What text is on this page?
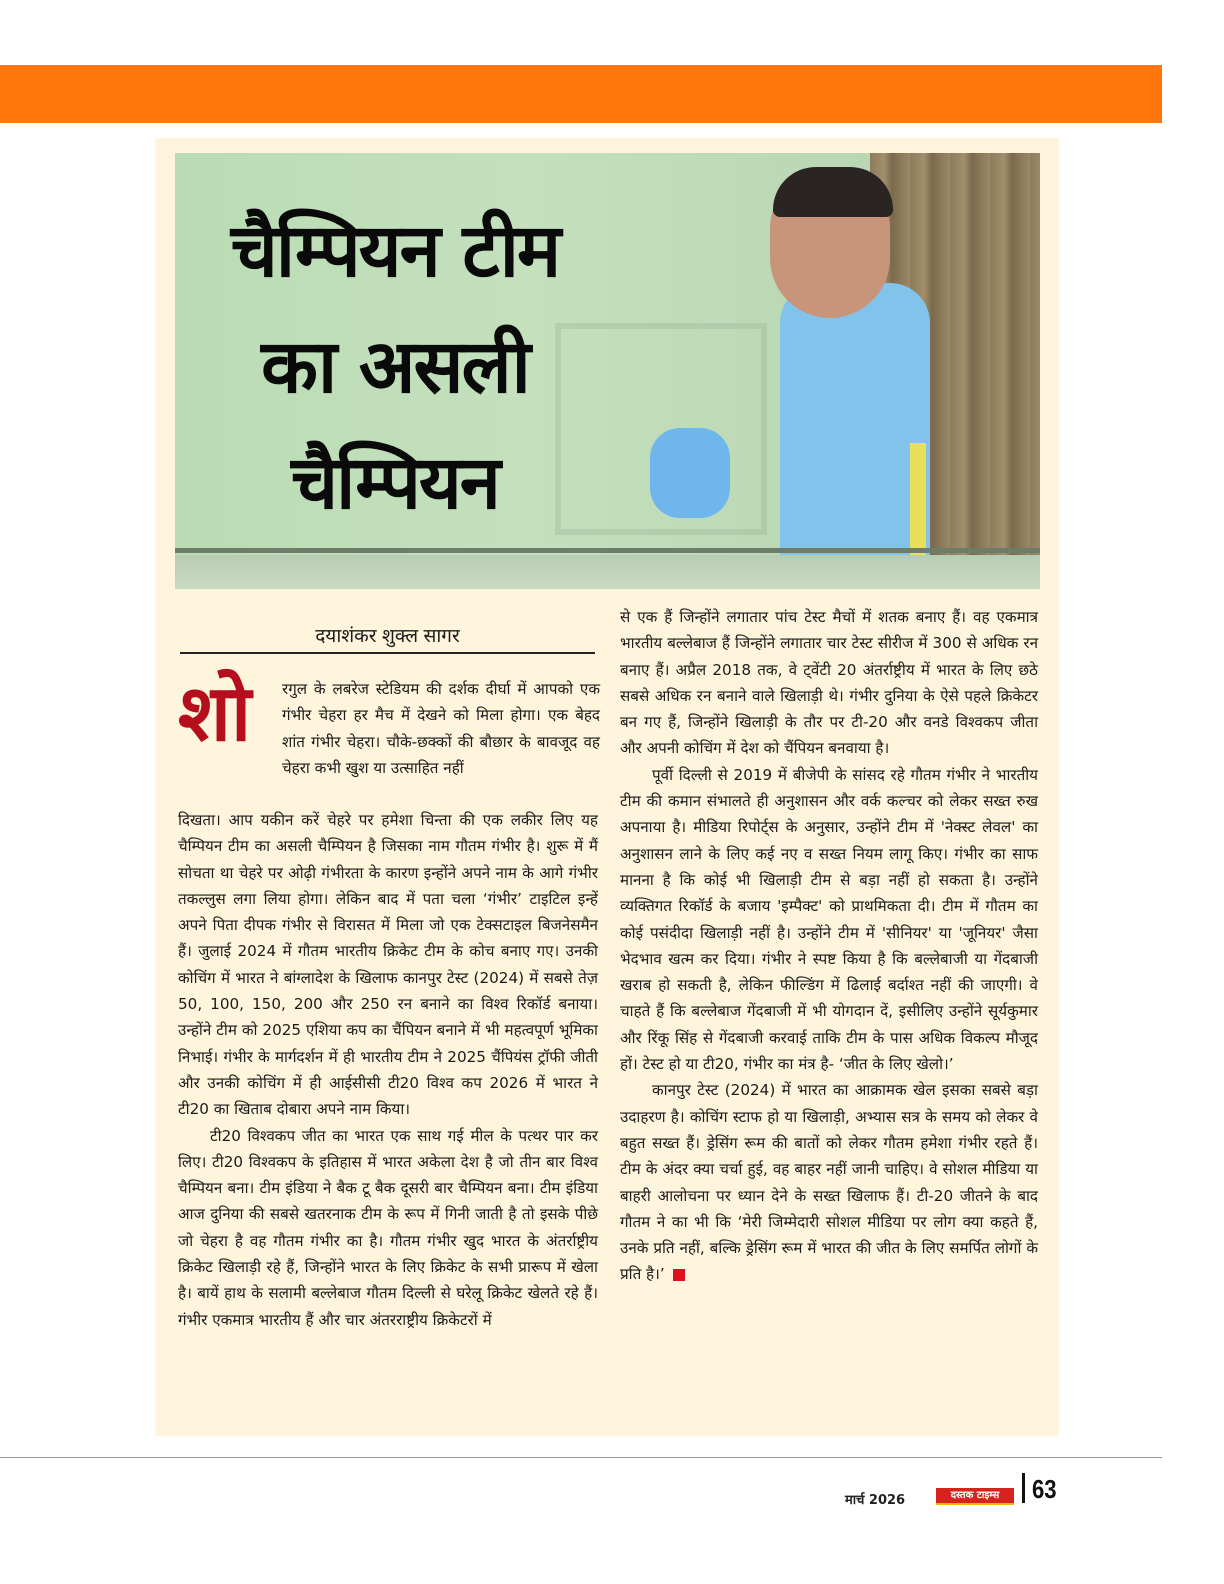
चैम्पियन टीम
का असली
चैम्पियन
दयाशंकर शुक्ल सागर
शो रगुल के लबरेज स्टेडियम की दर्शक दीर्घा में आपको एक गंभीर चेहरा हर मैच में देखने को मिला होगा। एक बेहद शांत गंभीर चेहरा। चौके-छक्कों की बौछार के बावजूद वह चेहरा कभी खुश या उत्साहित नहीं

दिखता। आप यकीन करें चेहरे पर हमेशा चिन्ता की एक लकीर लिए यह चैम्पियन टीम का असली चैम्पियन है जिसका नाम गौतम गंभीर है। शुरू में मैं सोचता था चेहरे पर ओढ़ी गंभीरता के कारण इन्होंने अपने नाम के आगे गंभीर तकल्लुस लगा लिया होगा। लेकिन बाद में पता चला ‘गंभीर’ टाइटिल इन्हें अपने पिता दीपक गंभीर से विरासत में मिला जो एक टेक्सटाइल बिजनेसमैन हैं। जुलाई 2024 में गौतम भारतीय क्रिकेट टीम के कोच बनाए गए। उनकी कोचिंग में भारत ने बांग्लादेश के खिलाफ कानपुर टेस्ट (2024) में सबसे तेज़ 50, 100, 150, 200 और 250 रन बनाने का विश्व रिकॉर्ड बनाया। उन्होंने टीम को 2025 एशिया कप का चैंपियन बनाने में भी महत्वपूर्ण भूमिका निभाई। गंभीर के मार्गदर्शन में ही भारतीय टीम ने 2025 चैंपियंस ट्रॉफी जीती और उनकी कोचिंग में ही आईसीसी टी20 विश्व कप 2026 में भारत ने टी20 का खिताब दोबारा अपने नाम किया।

टी20 विश्वकप जीत का भारत एक साथ गई मील के पत्थर पार कर लिए। टी20 विश्वकप के इतिहास में भारत अकेला देश है जो तीन बार विश्व चैम्पियन बना। टीम इंडिया ने बैक टू बैक दूसरी बार चैम्पियन बना। टीम इंडिया आज दुनिया की सबसे खतरनाक टीम के रूप में गिनी जाती है तो इसके पीछे जो चेहरा है वह गौतम गंभीर का है। गौतम गंभीर खुद भारत के अंतर्राष्ट्रीय क्रिकेट खिलाड़ी रहे हैं, जिन्होंने भारत के लिए क्रिकेट के सभी प्रारूप में खेला है। बायें हाथ के सलामी बल्लेबाज गौतम दिल्ली से घरेलू क्रिकेट खेलते रहे हैं। गंभीर एकमात्र भारतीय हैं और चार अंतरराष्ट्रीय क्रिकेटरों में

से एक हैं जिन्होंने लगातार पांच टेस्ट मैचों में शतक बनाए हैं। वह एकमात्र भारतीय बल्लेबाज हैं जिन्होंने लगातार चार टेस्ट सीरीज में 300 से अधिक रन बनाए हैं। अप्रैल 2018 तक, वे ट्वेंटी 20 अंतर्राष्ट्रीय में भारत के लिए छठे सबसे अधिक रन बनाने वाले खिलाड़ी थे। गंभीर दुनिया के ऐसे पहले क्रिकेटर बन गए हैं, जिन्होंने खिलाड़ी के तौर पर टी-20 और वनडे विश्वकप जीता और अपनी कोचिंग में देश को चैंपियन बनवाया है।

पूर्वी दिल्ली से 2019 में बीजेपी के सांसद रहे गौतम गंभीर ने भारतीय टीम की कमान संभालते ही अनुशासन और वर्क कल्चर को लेकर सख्त रुख अपनाया है। मीडिया रिपोर्ट्स के अनुसार, उन्होंने टीम में 'नेक्स्ट लेवल' का अनुशासन लाने के लिए कई नए व सख्त नियम लागू किए। गंभीर का साफ मानना है कि कोई भी खिलाड़ी टीम से बड़ा नहीं हो सकता है। उन्होंने व्यक्तिगत रिकॉर्ड के बजाय 'इम्पैक्ट' को प्राथमिकता दी। टीम में गौतम का कोई पसंदीदा खिलाड़ी नहीं है। उन्होंने टीम में 'सीनियर' या 'जूनियर' जैसा भेदभाव खत्म कर दिया। गंभीर ने स्पष्ट किया है कि बल्लेबाजी या गेंदबाजी खराब हो सकती है, लेकिन फील्डिंग में ढिलाई बर्दाश्त नहीं की जाएगी। वे चाहते हैं कि बल्लेबाज गेंदबाजी में भी योगदान दें, इसीलिए उन्होंने सूर्यकुमार और रिंकू सिंह से गेंदबाजी करवाई ताकि टीम के पास अधिक विकल्प मौजूद हों। टेस्ट हो या टी20, गंभीर का मंत्र है- ‘जीत के लिए खेलो।’

कानपुर टेस्ट (2024) में भारत का आक्रामक खेल इसका सबसे बड़ा उदाहरण है। कोचिंग स्टाफ हो या खिलाड़ी, अभ्यास सत्र के समय को लेकर वे बहुत सख्त हैं। ड्रेसिंग रूम की बातों को लेकर गौतम हमेशा गंभीर रहते हैं। टीम के अंदर क्या चर्चा हुई, वह बाहर नहीं जानी चाहिए। वे सोशल मीडिया या बाहरी आलोचना पर ध्यान देने के सख्त खिलाफ हैं। टी-20 जीतने के बाद गौतम ने का भी कि ‘मेरी जिम्मेदारी सोशल मीडिया पर लोग क्या कहते हैं, उनके प्रति नहीं, बल्कि ड्रेसिंग रूम में भारत की जीत के लिए समर्पित लोगों के प्रति है।’

मार्च 2026	दस्तक टाइम्स	63
